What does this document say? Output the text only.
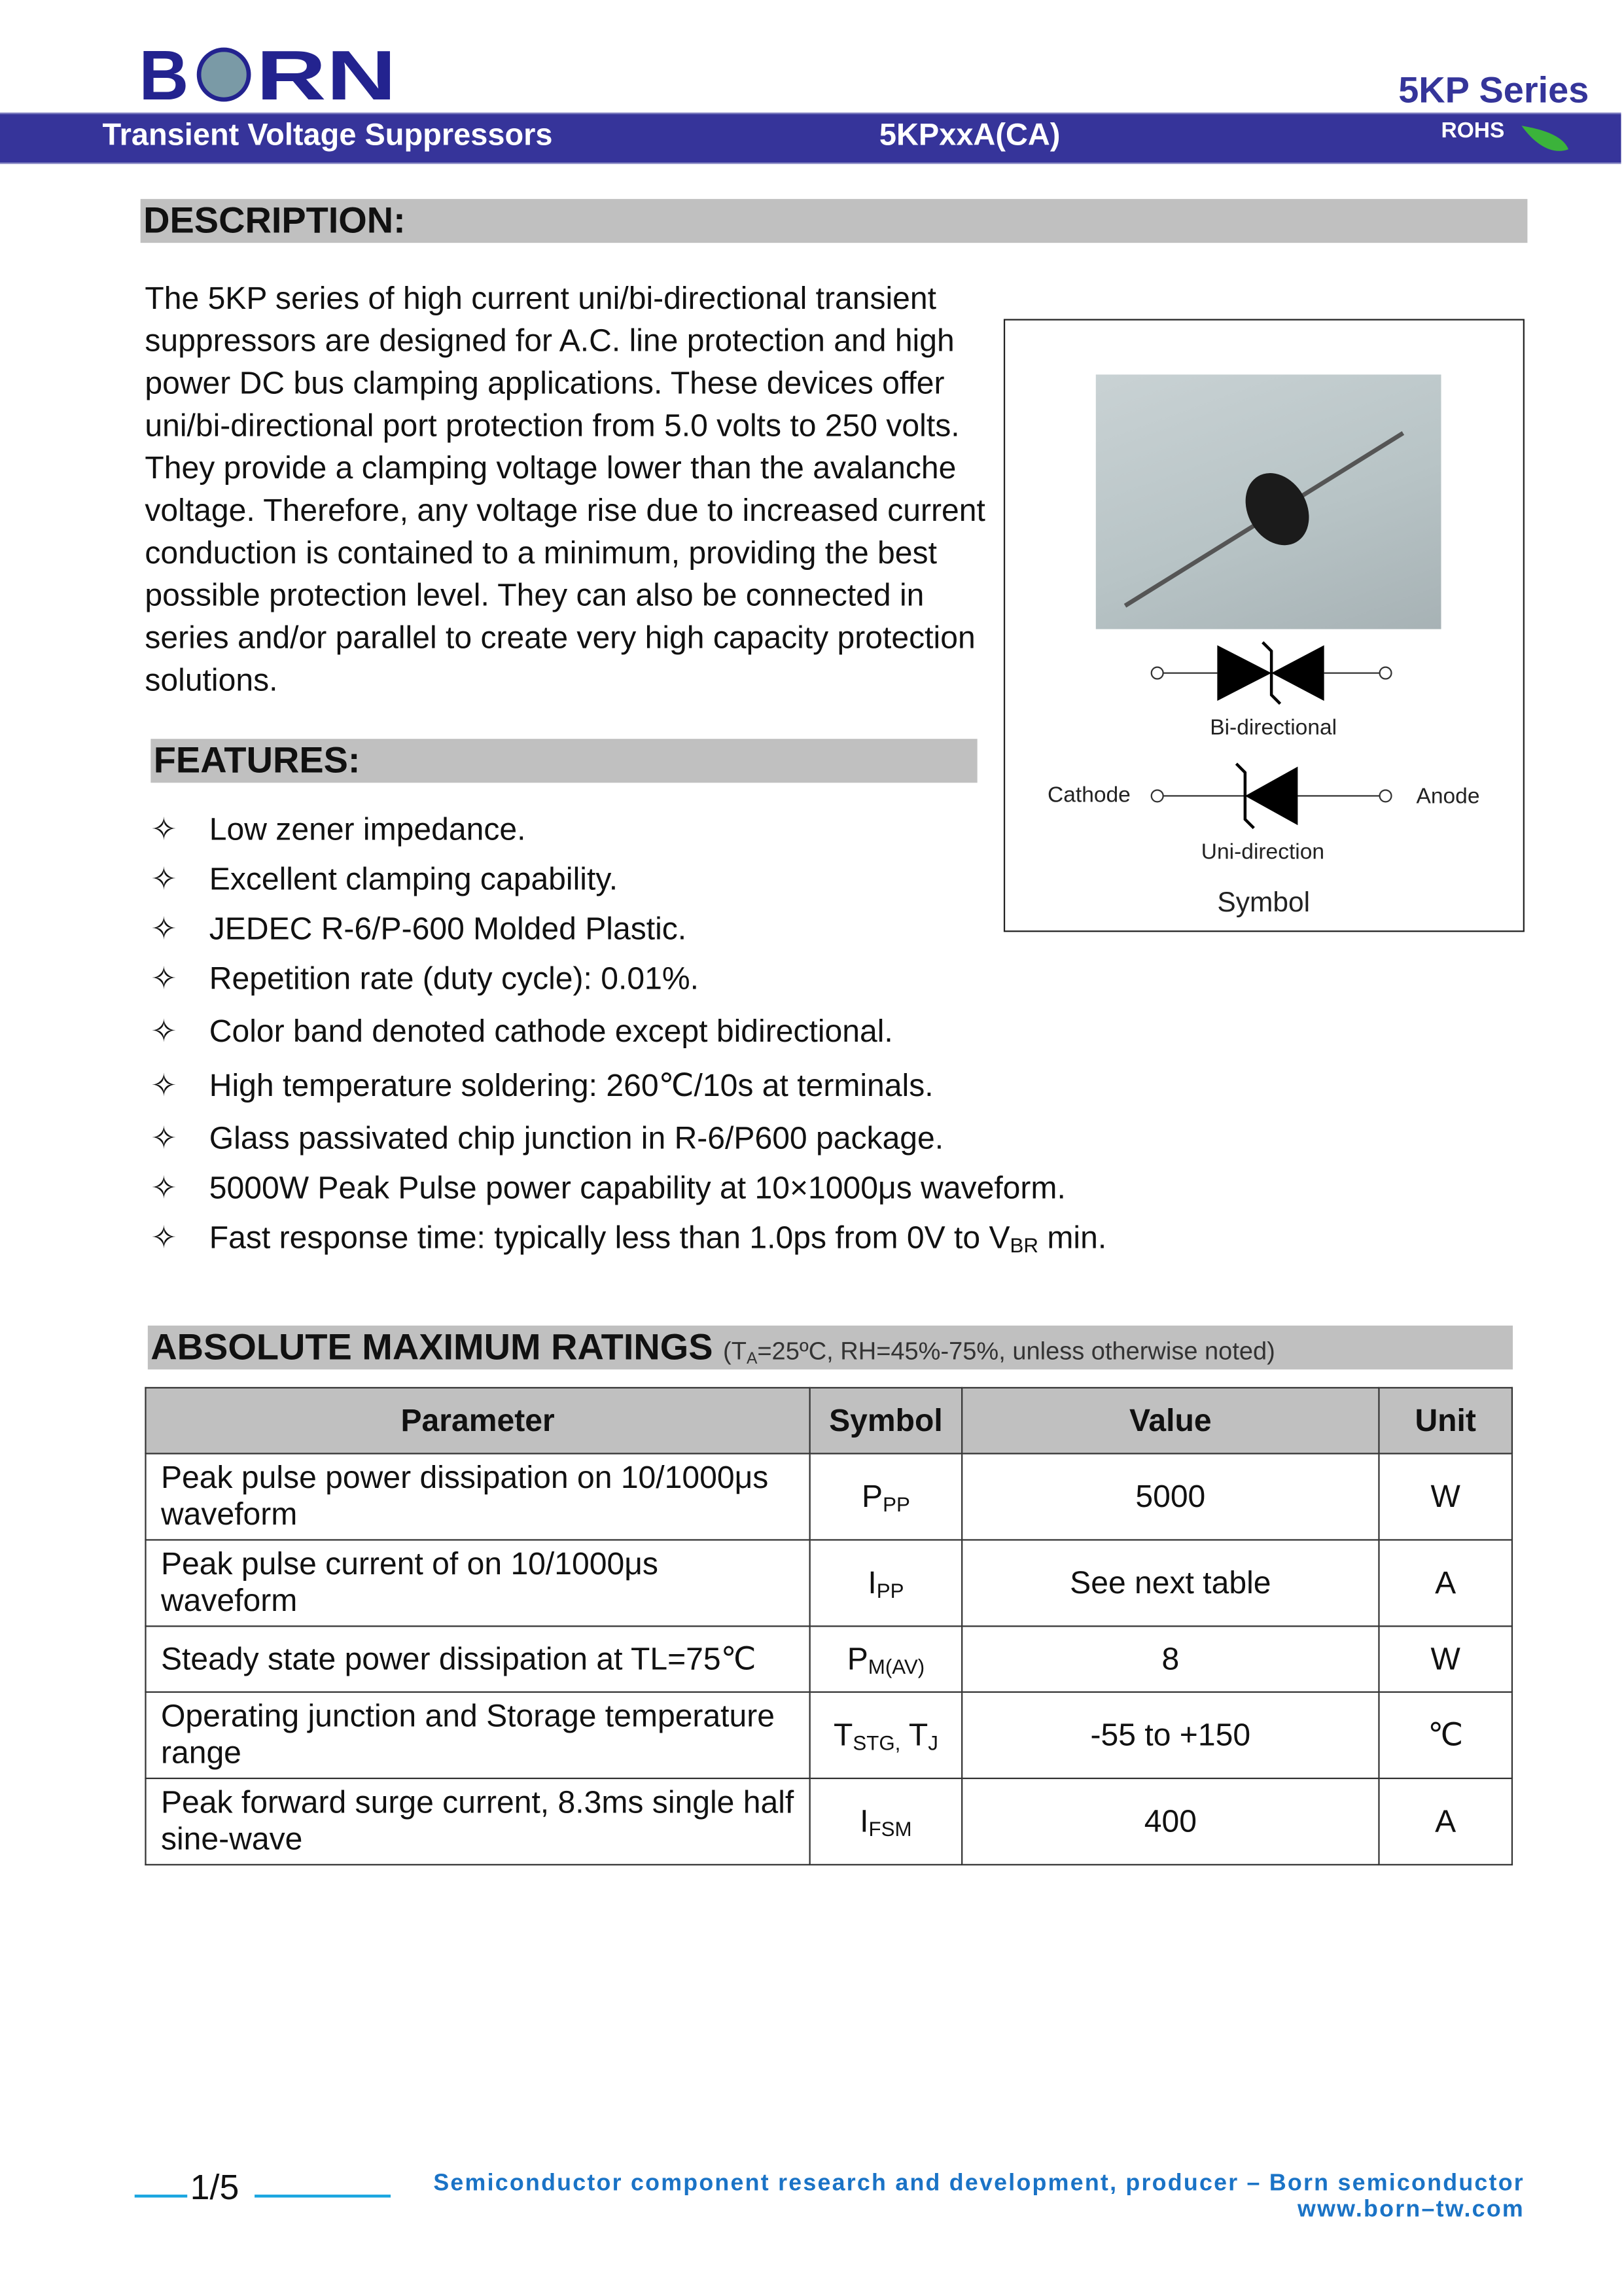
B RN	5KP Series
Transient Voltage Suppressors	5KPxxA(CA)	ROHS
DESCRIPTION:
The 5KP series of high current uni/bi-directional transient suppressors are designed for A.C. line protection and high power DC bus clamping applications. These devices offer uni/bi-directional port protection from 5.0 volts to 250 volts. They provide a clamping voltage lower than the avalanche voltage. Therefore, any voltage rise due to increased current conduction is contained to a minimum, providing the best possible protection level. They can also be connected in series and/or parallel to create very high capacity protection solutions.
Bi-directional
Cathode	Anode
Uni-direction
Symbol
FEATURES:
✧	Low zener impedance.
✧	Excellent clamping capability.
✧	JEDEC R-6/P-600 Molded Plastic.
✧	Repetition rate (duty cycle): 0.01%.
✧	Color band denoted cathode except bidirectional.
✧	High temperature soldering: 260℃/10s at terminals.
✧	Glass passivated chip junction in R-6/P600 package.
✧	5000W Peak Pulse power capability at 10×1000μs waveform.
✧	Fast response time: typically less than 1.0ps from 0V to $V_{BR}$ min.
ABSOLUTE MAXIMUM RATINGS ($T_A=25ºC$, RH=45%-75%, unless otherwise noted)
Parameter	Symbol	Value	Unit
Peak pulse power dissipation on 10/1000μs waveform	$P_{PP}$	5000	W
Peak pulse current of on 10/1000μs waveform	$I_{PP}$	See next table	A
Steady state power dissipation at TL=75℃	$P_{M(AV)}$	8	W
Operating junction and Storage temperature range	$T_{STG,}$ $T_J$	-55 to +150	℃
Peak forward surge current, 8.3ms single half sine-wave	$I_{FSM}$	400	A
1/5	Semiconductor component research and development, producer – Born semiconductor
www.born–tw.com
